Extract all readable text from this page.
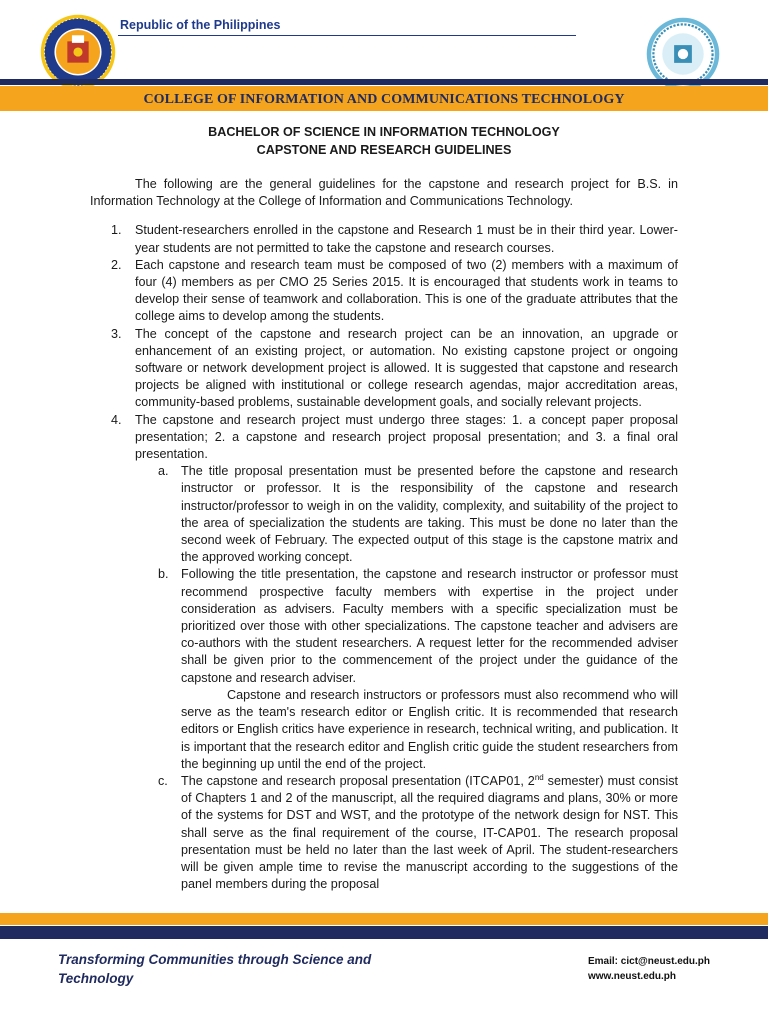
Republic of the Philippines
COLLEGE OF INFORMATION AND COMMUNICATIONS TECHNOLOGY
BACHELOR OF SCIENCE IN INFORMATION TECHNOLOGY
CAPSTONE AND RESEARCH GUIDELINES

The following are the general guidelines for the capstone and research project for B.S. in Information Technology at the College of Information and Communications Technology.

1. Student-researchers enrolled in the capstone and Research 1 must be in their third year. Lower-year students are not permitted to take the capstone and research courses.
2. Each capstone and research team must be composed of two (2) members with a maximum of four (4) members as per CMO 25 Series 2015. It is encouraged that students work in teams to develop their sense of teamwork and collaboration. This is one of the graduate attributes that the college aims to develop among the students.
3. The concept of the capstone and research project can be an innovation, an upgrade or enhancement of an existing project, or automation. No existing capstone project or ongoing software or network development project is allowed. It is suggested that capstone and research projects be aligned with institutional or college research agendas, major accreditation areas, community-based problems, sustainable development goals, and socially relevant projects.
4. The capstone and research project must undergo three stages: 1. a concept paper proposal presentation; 2. a capstone and research project proposal presentation; and 3. a final oral presentation.
a. The title proposal presentation must be presented before the capstone and research instructor or professor. It is the responsibility of the capstone and research instructor/professor to weigh in on the validity, complexity, and suitability of the project to the area of specialization the students are taking. This must be done no later than the second week of February. The expected output of this stage is the capstone matrix and the approved working concept.
b. Following the title presentation, the capstone and research instructor or professor must recommend prospective faculty members with expertise in the project under consideration as advisers. Faculty members with a specific specialization must be prioritized over those with other specializations. The capstone teacher and advisers are co-authors with the student researchers. A request letter for the recommended adviser shall be given prior to the commencement of the project under the guidance of the capstone and research adviser.
Capstone and research instructors or professors must also recommend who will serve as the team's research editor or English critic. It is recommended that research editors or English critics have experience in research, technical writing, and publication. It is important that the research editor and English critic guide the student researchers from the beginning up until the end of the project.
c. The capstone and research proposal presentation (ITCAP01, 2nd semester) must consist of Chapters 1 and 2 of the manuscript, all the required diagrams and plans, 30% or more of the systems for DST and WST, and the prototype of the network design for NST. This shall serve as the final requirement of the course, IT-CAP01. The research proposal presentation must be held no later than the last week of April. The student-researchers will be given ample time to revise the manuscript according to the suggestions of the panel members during the proposal
Transforming Communities through Science and Technology
Email: cict@neust.edu.ph
www.neust.edu.ph
